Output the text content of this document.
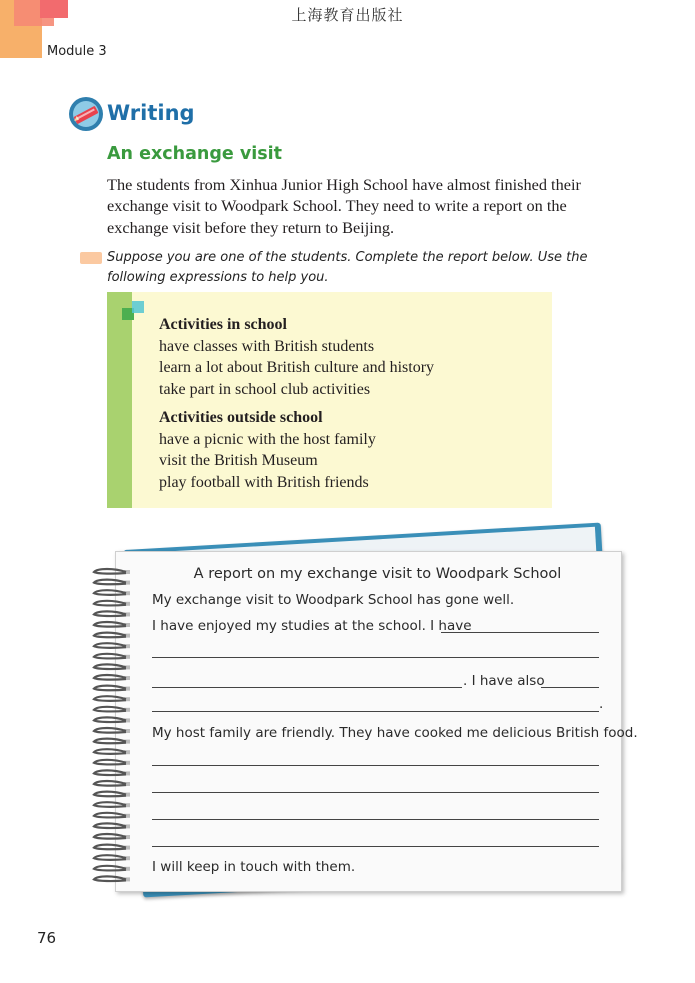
上海教育出版社
Module 3
Writing
An exchange visit
The students from Xinhua Junior High School have almost finished their exchange visit to Woodpark School. They need to write a report on the exchange visit before they return to Beijing.
Suppose you are one of the students. Complete the report below. Use the following expressions to help you.
Activities in school
have classes with British students
learn a lot about British culture and history
take part in school club activities
Activities outside school
have a picnic with the host family
visit the British Museum
play football with British friends
A report on my exchange visit to Woodpark School
My exchange visit to Woodpark School has gone well.
I have enjoyed my studies at the school. I have
. I have also
.
My host family are friendly. They have cooked me delicious British food.
I will keep in touch with them.
76
